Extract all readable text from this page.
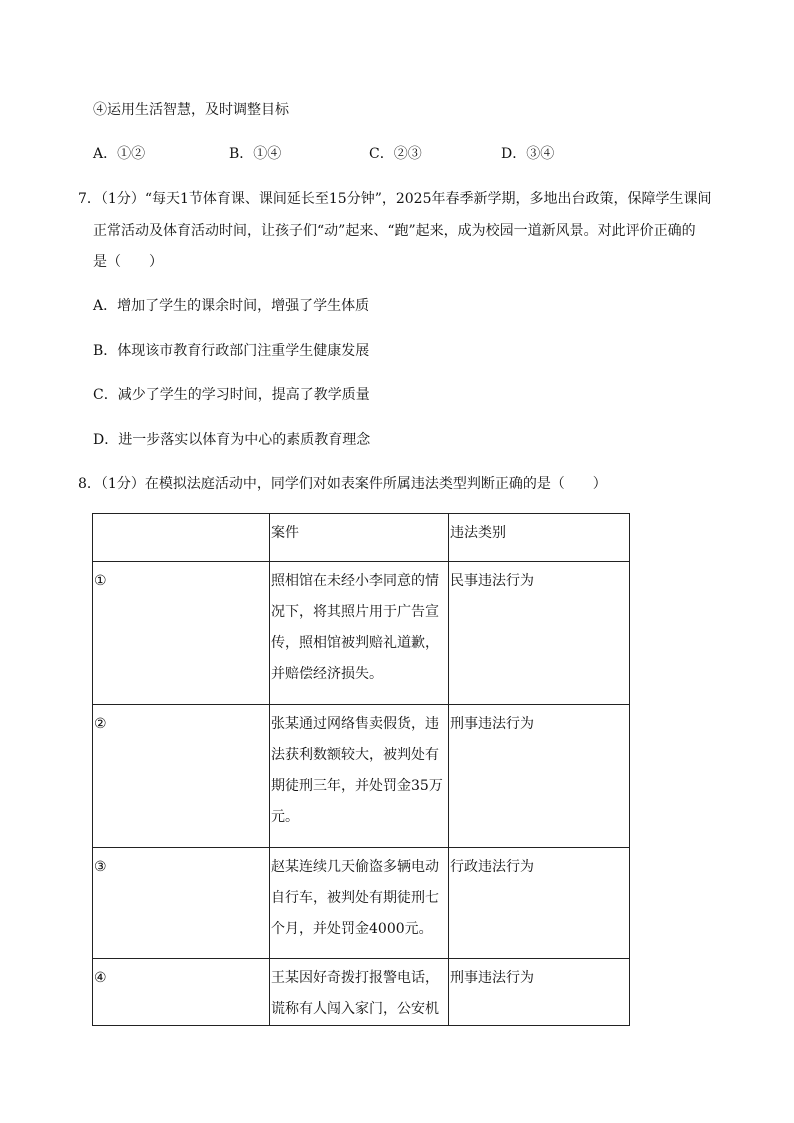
④运用生活智慧，及时调整目标
A．①②	B．①④	C．②③	D．③④
7．（1分）“每天1节体育课、课间延长至15分钟”，2025年春季新学期，多地出台政策，保障学生课间
正常活动及体育活动时间，让孩子们“动”起来、“跑”起来，成为校园一道新风景。对此评价正确的
是（　　）
A．增加了学生的课余时间，增强了学生体质
B．体现该市教育行政部门注重学生健康发展
C．减少了学生的学习时间，提高了教学质量
D．进一步落实以体育为中心的素质教育理念
8．（1分）在模拟法庭活动中，同学们对如表案件所属违法类型判断正确的是（　　）
	案件	违法类别
①	照相馆在未经小李同意的情况下，将其照片用于广告宣传，照相馆被判赔礼道歉，并赔偿经济损失。	民事违法行为
②	张某通过网络售卖假货，违法获利数额较大，被判处有期徒刑三年，并处罚金35万元。	刑事违法行为
③	赵某连续几天偷盗多辆电动自行车，被判处有期徒刑七个月，并处罚金4000元。	行政违法行为
④	王某因好奇拨打报警电话，谎称有人闯入家门，公安机	刑事违法行为
